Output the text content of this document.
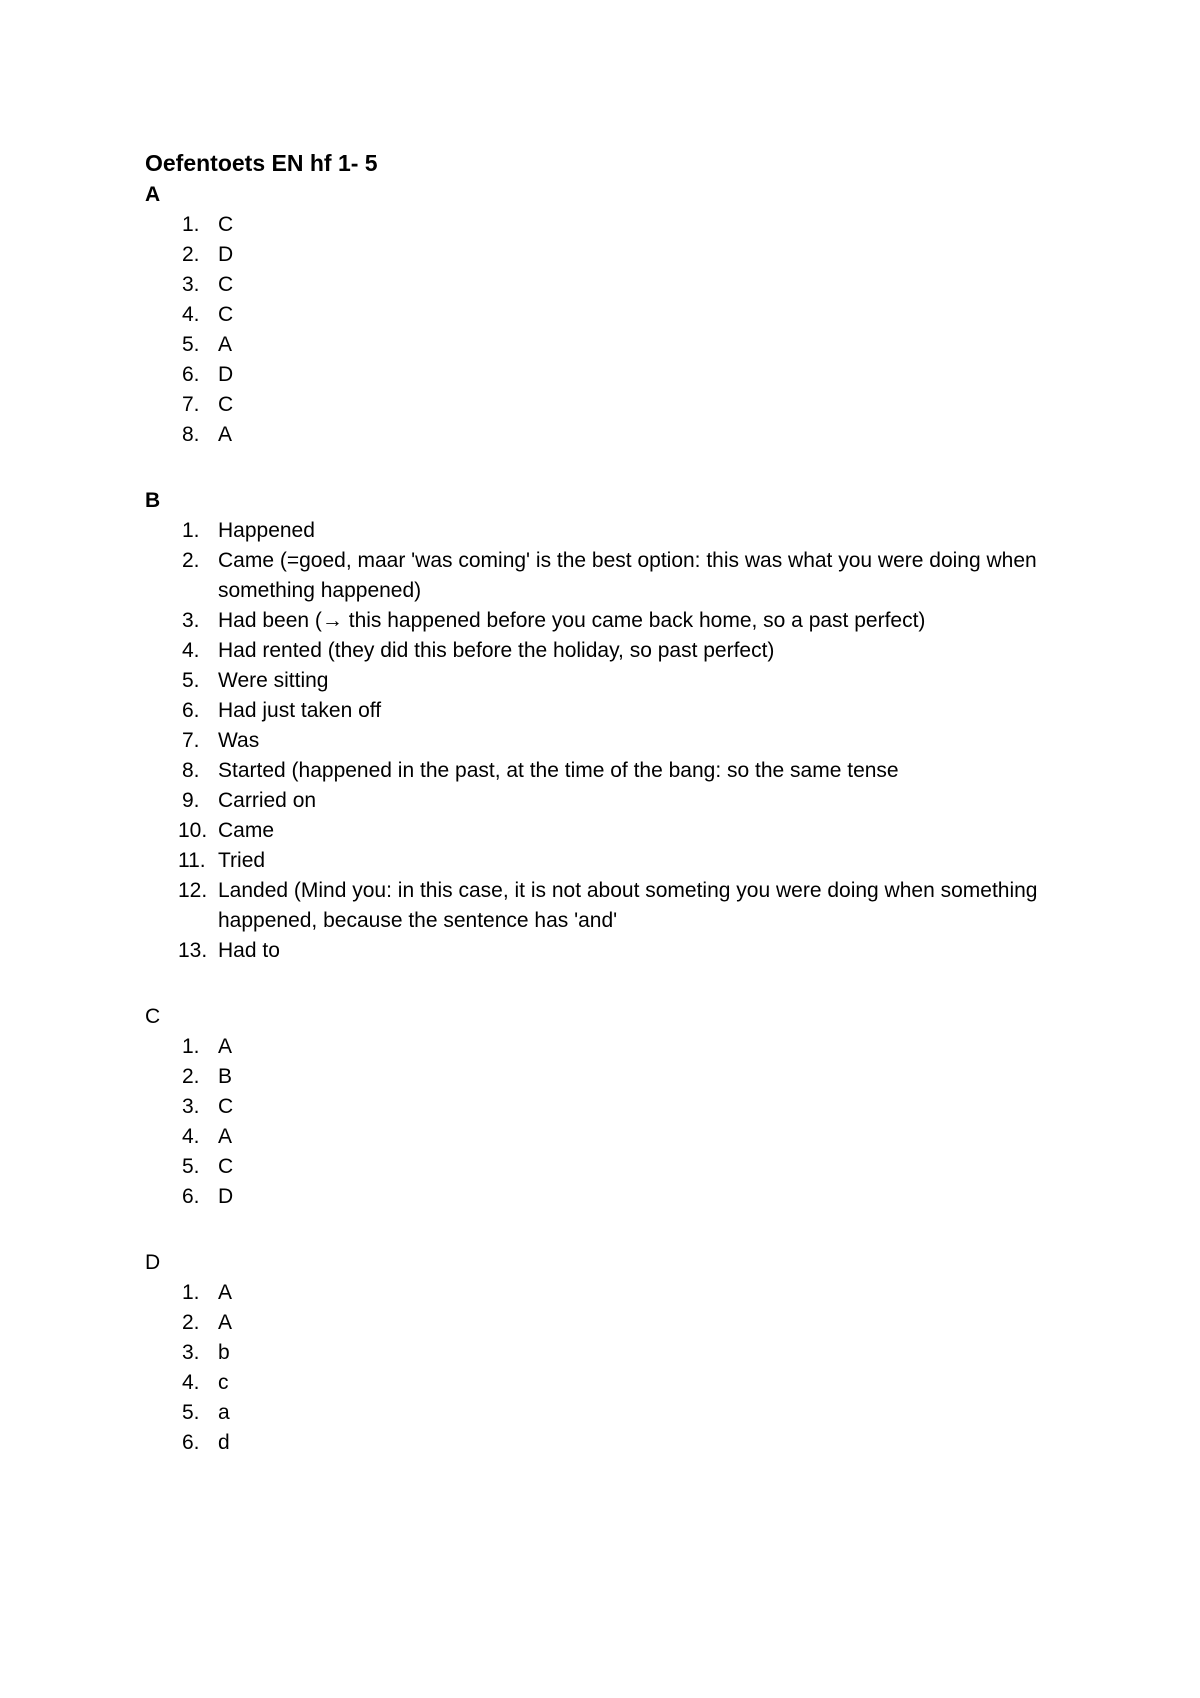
Oefentoets EN hf 1- 5
A
1. C
2. D
3. C
4. C
5. A
6. D
7. C
8. A
B
1. Happened
2. Came (=goed, maar 'was coming' is the best option: this was what you were doing when something happened)
3. Had been (→ this happened before you came back home, so a past perfect)
4. Had rented (they did this before the holiday, so past perfect)
5. Were sitting
6. Had just taken off
7. Was
8. Started (happened in the past, at the time of the bang: so the same tense
9. Carried on
10. Came
11. Tried
12. Landed (Mind you: in this case, it is not about someting you were doing when something happened, because the sentence has 'and'
13. Had to
C
1. A
2. B
3. C
4. A
5. C
6. D
D
1. A
2. A
3. b
4. c
5. a
6. d
